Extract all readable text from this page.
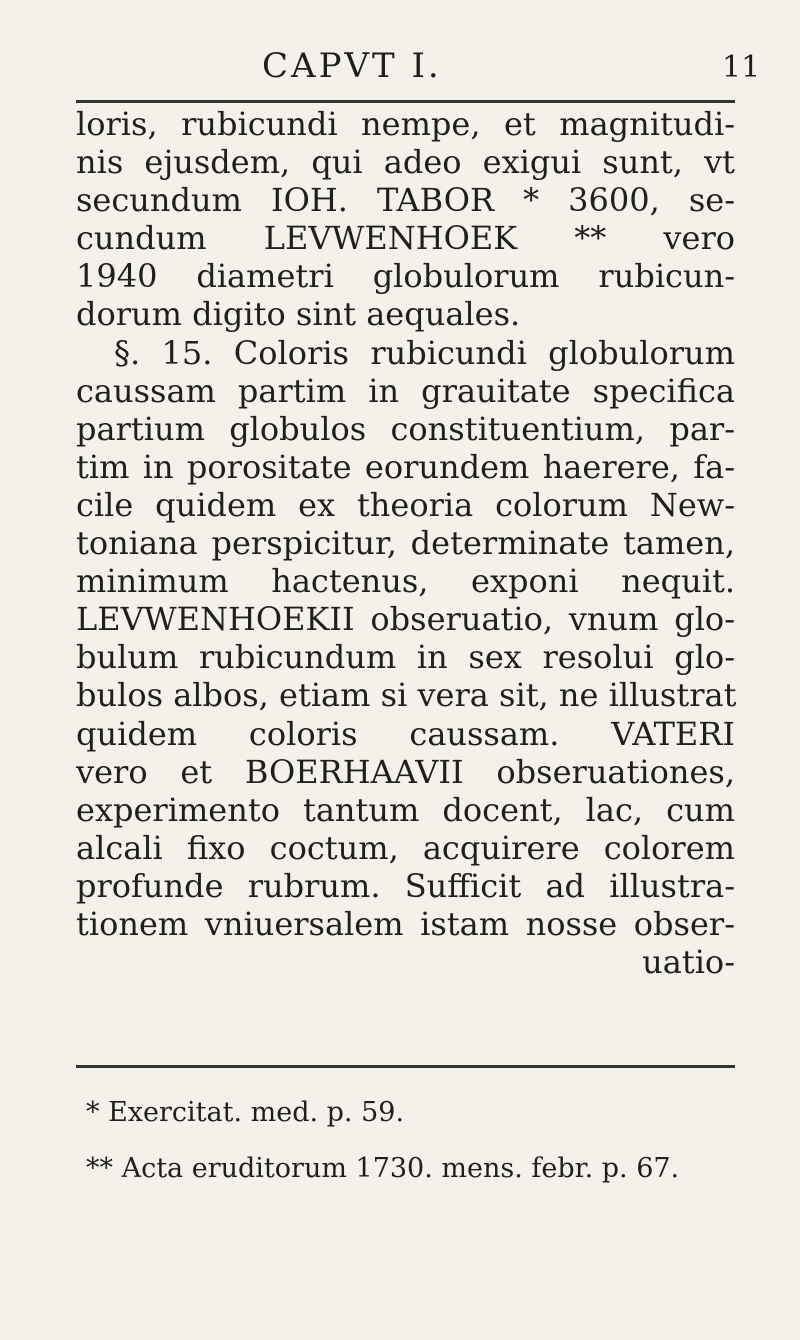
CAPVT I.	11
loris, rubicundi nempe, et magnitudi-
nis ejusdem, qui adeo exigui sunt, vt
secundum IOH. TABOR * 3600, se-
cundum LEVWENHOEK ** vero
1940 diametri globulorum rubicun-
dorum digito sint aequales.
§. 15. Coloris rubicundi globulorum
caussam partim in grauitate specifica
partium globulos constituentium, par-
tim in porositate eorundem haerere, fa-
cile quidem ex theoria colorum New-
toniana perspicitur, determinate tamen,
minimum hactenus, exponi nequit.
LEVWENHOEKII obseruatio, vnum glo-
bulum rubicundum in sex resolui glo-
bulos albos, etiam si vera sit, ne illustrat
quidem coloris caussam. VATERI
vero et BOERHAAVII obseruationes,
experimento tantum docent, lac, cum
alcali fixo coctum, acquirere colorem
profunde rubrum. Sufficit ad illustra-
tionem vniuersalem istam nosse obser-
uatio-
* Exercitat. med. p. 59.
** Acta eruditorum 1730. mens. febr. p. 67.
